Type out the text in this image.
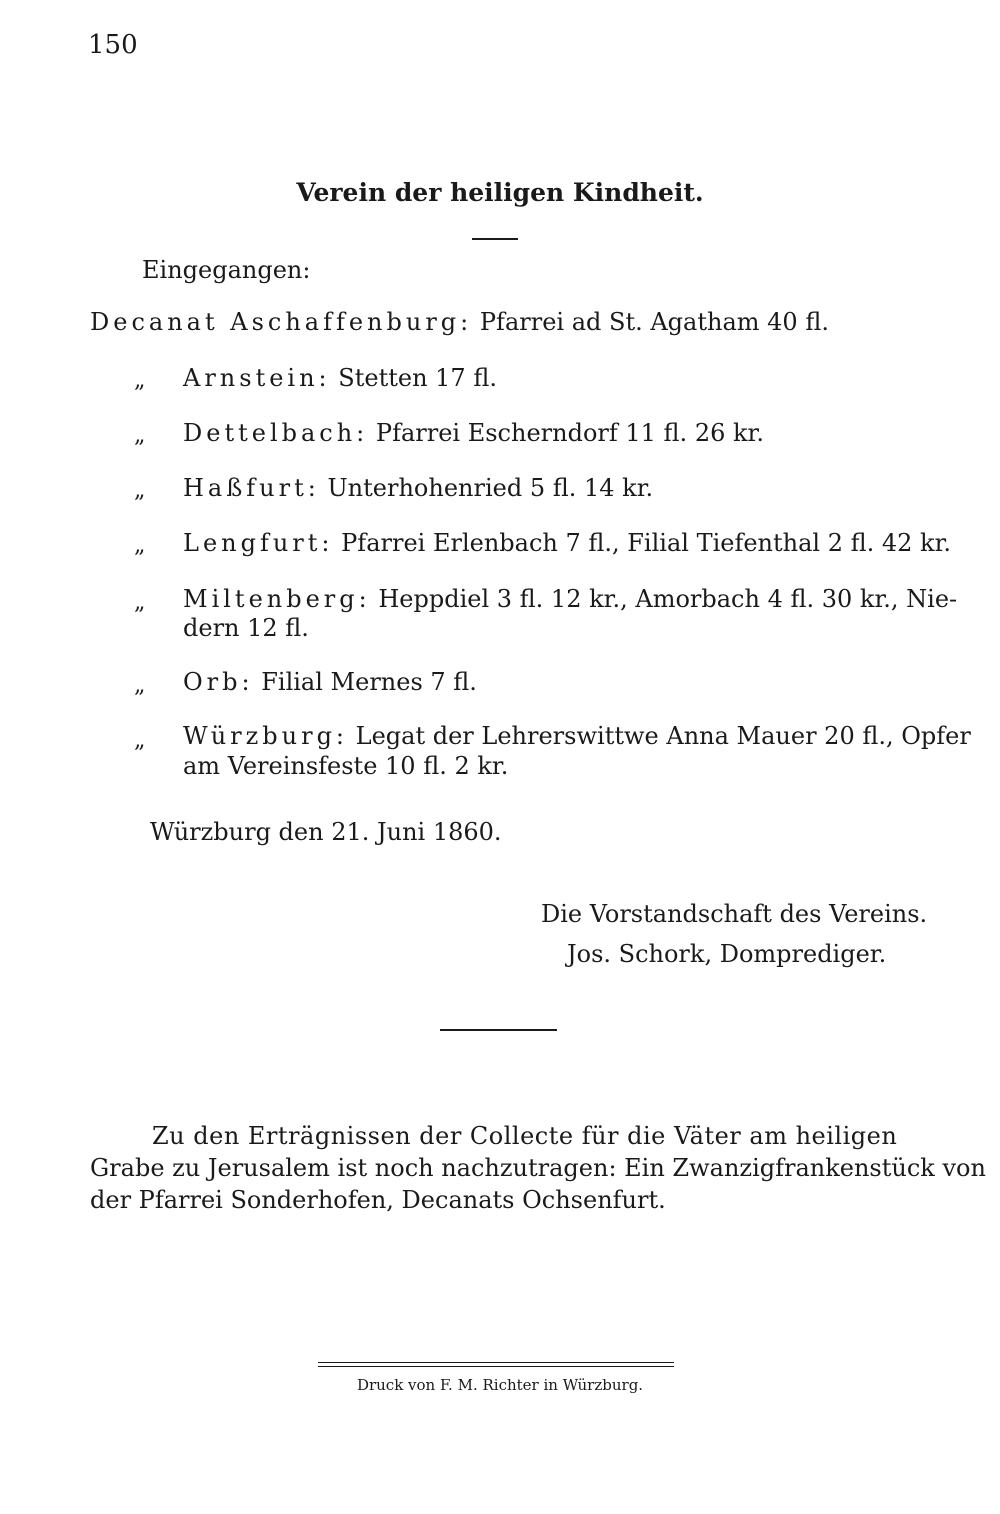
150
Verein der heiligen Kindheit.
Eingegangen:
Decanat Aschaffenburg: Pfarrei ad St. Agatham 40 fl.
„ Arnstein: Stetten 17 fl.
„ Dettelbach: Pfarrei Escherndorf 11 fl. 26 kr.
„ Haßfurt: Unterhohenried 5 fl. 14 kr.
„ Lengfurt: Pfarrei Erlenbach 7 fl., Filial Tiefenthal 2 fl. 42 kr.
„ Miltenberg: Heppdiel 3 fl. 12 kr., Amorbach 4 fl. 30 kr., Nie-
dern 12 fl.
„ Orb: Filial Mernes 7 fl.
„ Würzburg: Legat der Lehrerswittwe Anna Mauer 20 fl., Opfer
am Vereinsfeste 10 fl. 2 kr.
Würzburg den 21. Juni 1860.
Die Vorstandschaft des Vereins.
Jos. Schork, Domprediger.
Zu den Erträgnissen der Collecte für die Väter am heiligen
Grabe zu Jerusalem ist noch nachzutragen: Ein Zwanzigfrankenstück von
der Pfarrei Sonderhofen, Decanats Ochsenfurt.
Druck von F. M. Richter in Würzburg.
